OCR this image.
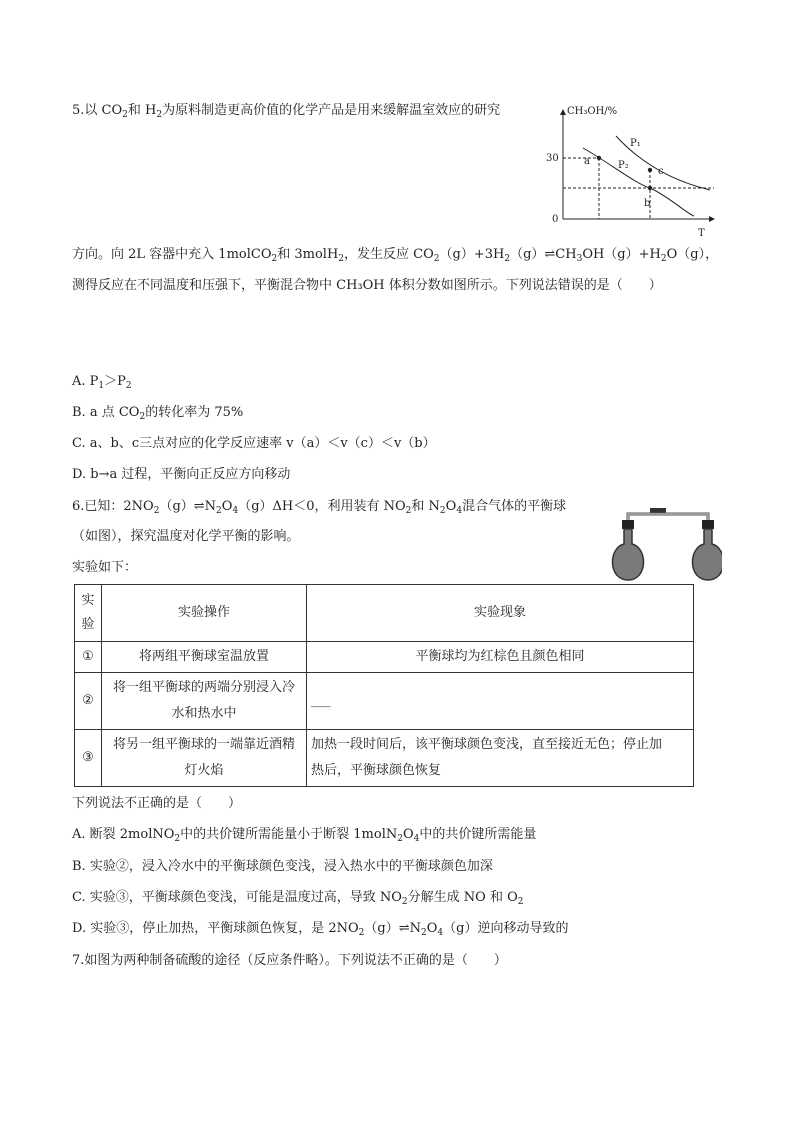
5.以 $CO_2$和 $H_2$为原料制造更高价值的化学产品是用来缓解温室效应的研究	CH₃OH/%
T
30
0
P₁
P₂
a
c
b
方向。向 2L 容器中充入 1molCO$_2$和 3molH$_2$，发生反应 $CO_2(g)+3H_2(g)\rightleftharpoons CH_3OH(g)+H_2O(g)$，
测得反应在不同温度和压强下，平衡混合物中 CH₃OH 体积分数如图所示。下列说法错误的是（　　）
A. $P_1>P_2$
B. a 点 $CO_2$的转化率为 75%
C. a、b、c三点对应的化学反应速率 v（a）＜v（c）＜v（b）
D. b→a 过程，平衡向正反应方向移动
6.已知：$2NO_2(g)\rightleftharpoons N_2O_4(g)\Delta H<0$，利用装有 $NO_2$和 $N_2O_4$混合气体的平衡球
（如图），探究温度对化学平衡的影响。
实验如下：
实
验	实验操作	实验现象
①	将两组平衡球室温放置	平衡球均为红棕色且颜色相同
②	将一组平衡球的两端分别浸入冷
水和热水中	___
③	将另一组平衡球的一端靠近酒精
灯火焰	加热一段时间后，该平衡球颜色变浅，直至接近无色；停止加
热后，平衡球颜色恢复
下列说法不正确的是（　　）
A. 断裂 2molNO$_2$中的共价键所需能量小于断裂 $1molN_2O_4$中的共价键所需能量
B. 实验②，浸入冷水中的平衡球颜色变浅，浸入热水中的平衡球颜色加深
C. 实验③，平衡球颜色变浅，可能是温度过高，导致 $NO_2$分解生成 NO 和 $O_2$
D. 实验③，停止加热，平衡球颜色恢复，是 $2NO_2(g)\rightleftharpoons N_2O_4(g)$逆向移动导致的
7.如图为两种制备硫酸的途径（反应条件略）。下列说法不正确的是（　　）
